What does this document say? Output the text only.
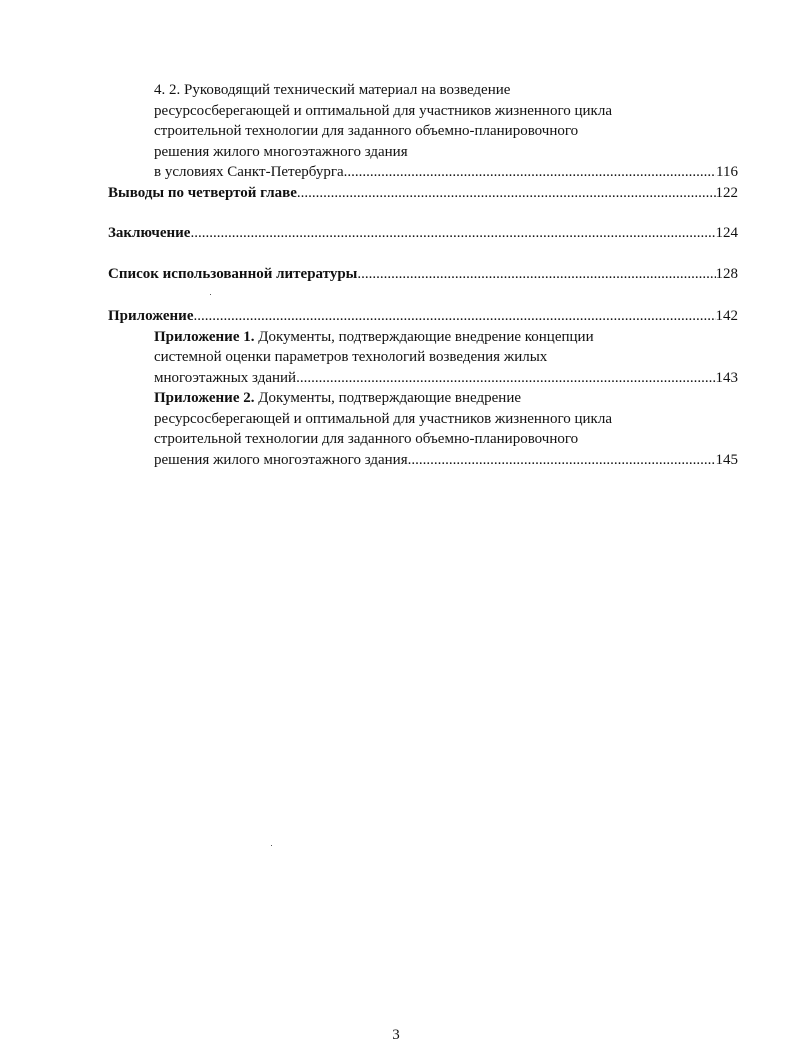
4. 2. Руководящий технический материал на возведение
ресурсосберегающей и оптимальной для участников жизненного цикла
строительной технологии для заданного объемно-планировочного
решения жилого многоэтажного здания
в условиях Санкт-Петербурга .....	116
Выводы по четвертой главе .....	122
Заключение .....	124
Список использованной литературы .....	128
Приложение .....	142
Приложение 1. Документы, подтверждающие внедрение концепции
системной оценки параметров технологий возведения жилых
многоэтажных зданий .....	143
Приложение 2. Документы, подтверждающие внедрение
ресурсосберегающей и оптимальной для участников жизненного цикла
строительной технологии для заданного объемно-планировочного
решения жилого многоэтажного здания .....	145
3
